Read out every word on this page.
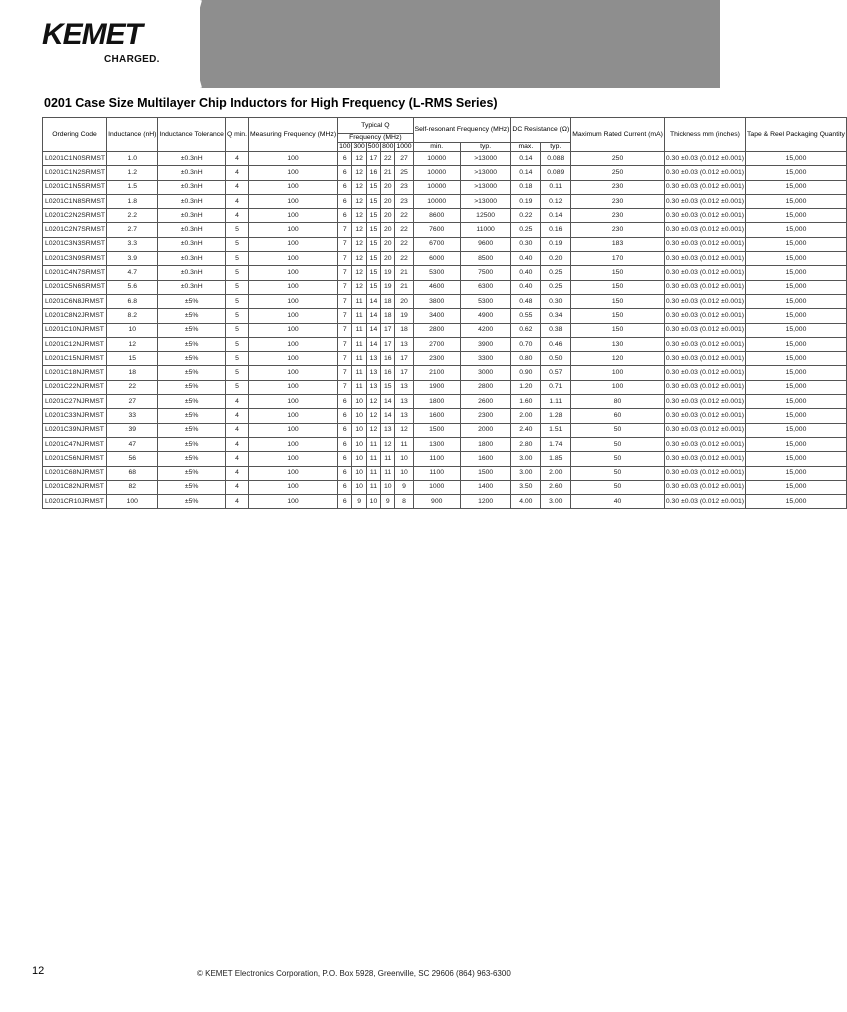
KEMET
CHARGED.
0201 Case Size Multilayer Chip Inductors for High Frequency (L-RMS Series)
Ordering Code	Inductance (nH)	Inductance Tolerance	Q min.	Measuring Frequency (MHz)	Typical Q					Self-resonant Frequency (MHz)		DC Resistance (Ω)		Maximum Rated Current (mA)	Thickness mm (inches)	Tape & Reel Packaging Quantity
					Frequency (MHz)											
					100	300	500	800	1000	min.	typ.	max.	typ.			
L0201C1N0SRMST	1.0	±0.3nH	4	100	6	12	17	22	27	10000	>13000	0.14	0.088	250	0.30 ±0.03 (0.012 ±0.001)	15,000
L0201C1N2SRMST	1.2	±0.3nH	4	100	6	12	16	21	25	10000	>13000	0.14	0.089	250	0.30 ±0.03 (0.012 ±0.001)	15,000
L0201C1N5SRMST	1.5	±0.3nH	4	100	6	12	15	20	23	10000	>13000	0.18	0.11	230	0.30 ±0.03 (0.012 ±0.001)	15,000
L0201C1N8SRMST	1.8	±0.3nH	4	100	6	12	15	20	23	10000	>13000	0.19	0.12	230	0.30 ±0.03 (0.012 ±0.001)	15,000
L0201C2N2SRMST	2.2	±0.3nH	4	100	6	12	15	20	22	8600	12500	0.22	0.14	230	0.30 ±0.03 (0.012 ±0.001)	15,000
L0201C2N7SRMST	2.7	±0.3nH	5	100	7	12	15	20	22	7600	11000	0.25	0.16	230	0.30 ±0.03 (0.012 ±0.001)	15,000
L0201C3N3SRMST	3.3	±0.3nH	5	100	7	12	15	20	22	6700	9600	0.30	0.19	183	0.30 ±0.03 (0.012 ±0.001)	15,000
L0201C3N9SRMST	3.9	±0.3nH	5	100	7	12	15	20	22	6000	8500	0.40	0.20	170	0.30 ±0.03 (0.012 ±0.001)	15,000
L0201C4N7SRMST	4.7	±0.3nH	5	100	7	12	15	19	21	5300	7500	0.40	0.25	150	0.30 ±0.03 (0.012 ±0.001)	15,000
L0201C5N6SRMST	5.6	±0.3nH	5	100	7	12	15	19	21	4600	6300	0.40	0.25	150	0.30 ±0.03 (0.012 ±0.001)	15,000
L0201C6N8JRMST	6.8	±5%	5	100	7	11	14	18	20	3800	5300	0.48	0.30	150	0.30 ±0.03 (0.012 ±0.001)	15,000
L0201C8N2JRMST	8.2	±5%	5	100	7	11	14	18	19	3400	4900	0.55	0.34	150	0.30 ±0.03 (0.012 ±0.001)	15,000
L0201C10NJRMST	10	±5%	5	100	7	11	14	17	18	2800	4200	0.62	0.38	150	0.30 ±0.03 (0.012 ±0.001)	15,000
L0201C12NJRMST	12	±5%	5	100	7	11	14	17	13	2700	3900	0.70	0.46	130	0.30 ±0.03 (0.012 ±0.001)	15,000
L0201C15NJRMST	15	±5%	5	100	7	11	13	16	17	2300	3300	0.80	0.50	120	0.30 ±0.03 (0.012 ±0.001)	15,000
L0201C18NJRMST	18	±5%	5	100	7	11	13	16	17	2100	3000	0.90	0.57	100	0.30 ±0.03 (0.012 ±0.001)	15,000
L0201C22NJRMST	22	±5%	5	100	7	11	13	15	13	1900	2800	1.20	0.71	100	0.30 ±0.03 (0.012 ±0.001)	15,000
L0201C27NJRMST	27	±5%	4	100	6	10	12	14	13	1800	2600	1.60	1.11	80	0.30 ±0.03 (0.012 ±0.001)	15,000
L0201C33NJRMST	33	±5%	4	100	6	10	12	14	13	1600	2300	2.00	1.28	60	0.30 ±0.03 (0.012 ±0.001)	15,000
L0201C39NJRMST	39	±5%	4	100	6	10	12	13	12	1500	2000	2.40	1.51	50	0.30 ±0.03 (0.012 ±0.001)	15,000
L0201C47NJRMST	47	±5%	4	100	6	10	11	12	11	1300	1800	2.80	1.74	50	0.30 ±0.03 (0.012 ±0.001)	15,000
L0201C56NJRMST	56	±5%	4	100	6	10	11	11	10	1100	1600	3.00	1.85	50	0.30 ±0.03 (0.012 ±0.001)	15,000
L0201C68NJRMST	68	±5%	4	100	6	10	11	11	10	1100	1500	3.00	2.00	50	0.30 ±0.03 (0.012 ±0.001)	15,000
L0201C82NJRMST	82	±5%	4	100	6	10	11	10	9	1000	1400	3.50	2.60	50	0.30 ±0.03 (0.012 ±0.001)	15,000
L0201CR10JRMST	100	±5%	4	100	6	9	10	9	8	900	1200	4.00	3.00	40	0.30 ±0.03 (0.012 ±0.001)	15,000
12	© KEMET Electronics Corporation, P.O. Box 5928, Greenville, SC 29606 (864) 963-6300
